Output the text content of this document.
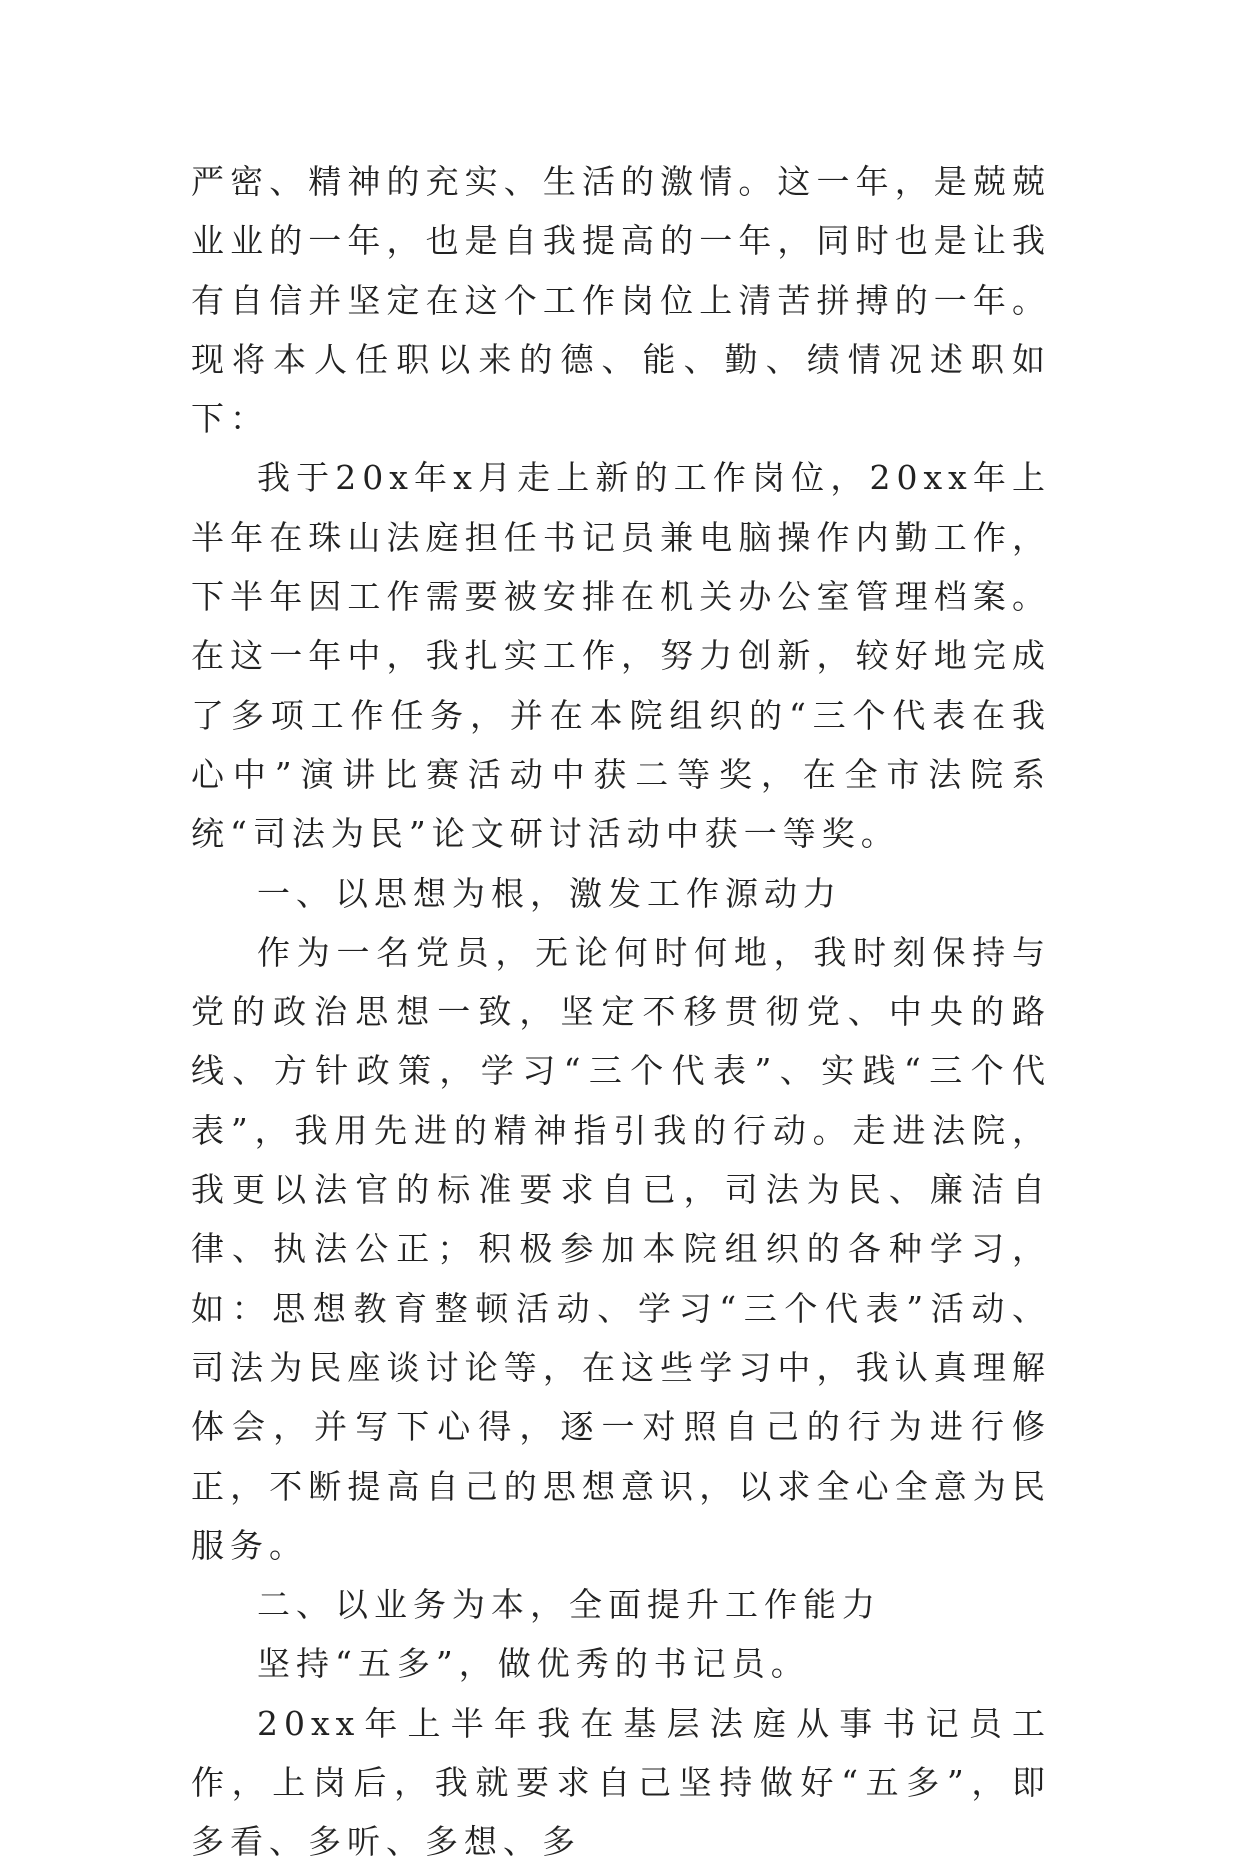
严密、精神的充实、生活的激情。这一年，是兢兢业业的一年，也是自我提高的一年，同时也是让我有自信并坚定在这个工作岗位上清苦拼搏的一年。现将本人任职以来的德、能、勤、绩情况述职如下：

我于20x年x月走上新的工作岗位，20xx年上半年在珠山法庭担任书记员兼电脑操作内勤工作，下半年因工作需要被安排在机关办公室管理档案。在这一年中，我扎实工作，努力创新，较好地完成了多项工作任务，并在本院组织的“三个代表在我心中”演讲比赛活动中获二等奖，在全市法院系统“司法为民”论文研讨活动中获一等奖。

一、以思想为根，激发工作源动力

作为一名党员，无论何时何地，我时刻保持与党的政治思想一致，坚定不移贯彻党、中央的路线、方针政策，学习“三个代表”、实践“三个代表”，我用先进的精神指引我的行动。走进法院，我更以法官的标准要求自已，司法为民、廉洁自律、执法公正；积极参加本院组织的各种学习，如：思想教育整顿活动、学习“三个代表”活动、司法为民座谈讨论等，在这些学习中，我认真理解体会，并写下心得，逐一对照自己的行为进行修正，不断提高自己的思想意识，以求全心全意为民服务。

二、以业务为本，全面提升工作能力

坚持“五多”，做优秀的书记员。

20xx年上半年我在基层法庭从事书记员工作，上岗后，我就要求自己坚持做好“五多”，即多看、多听、多想、多
